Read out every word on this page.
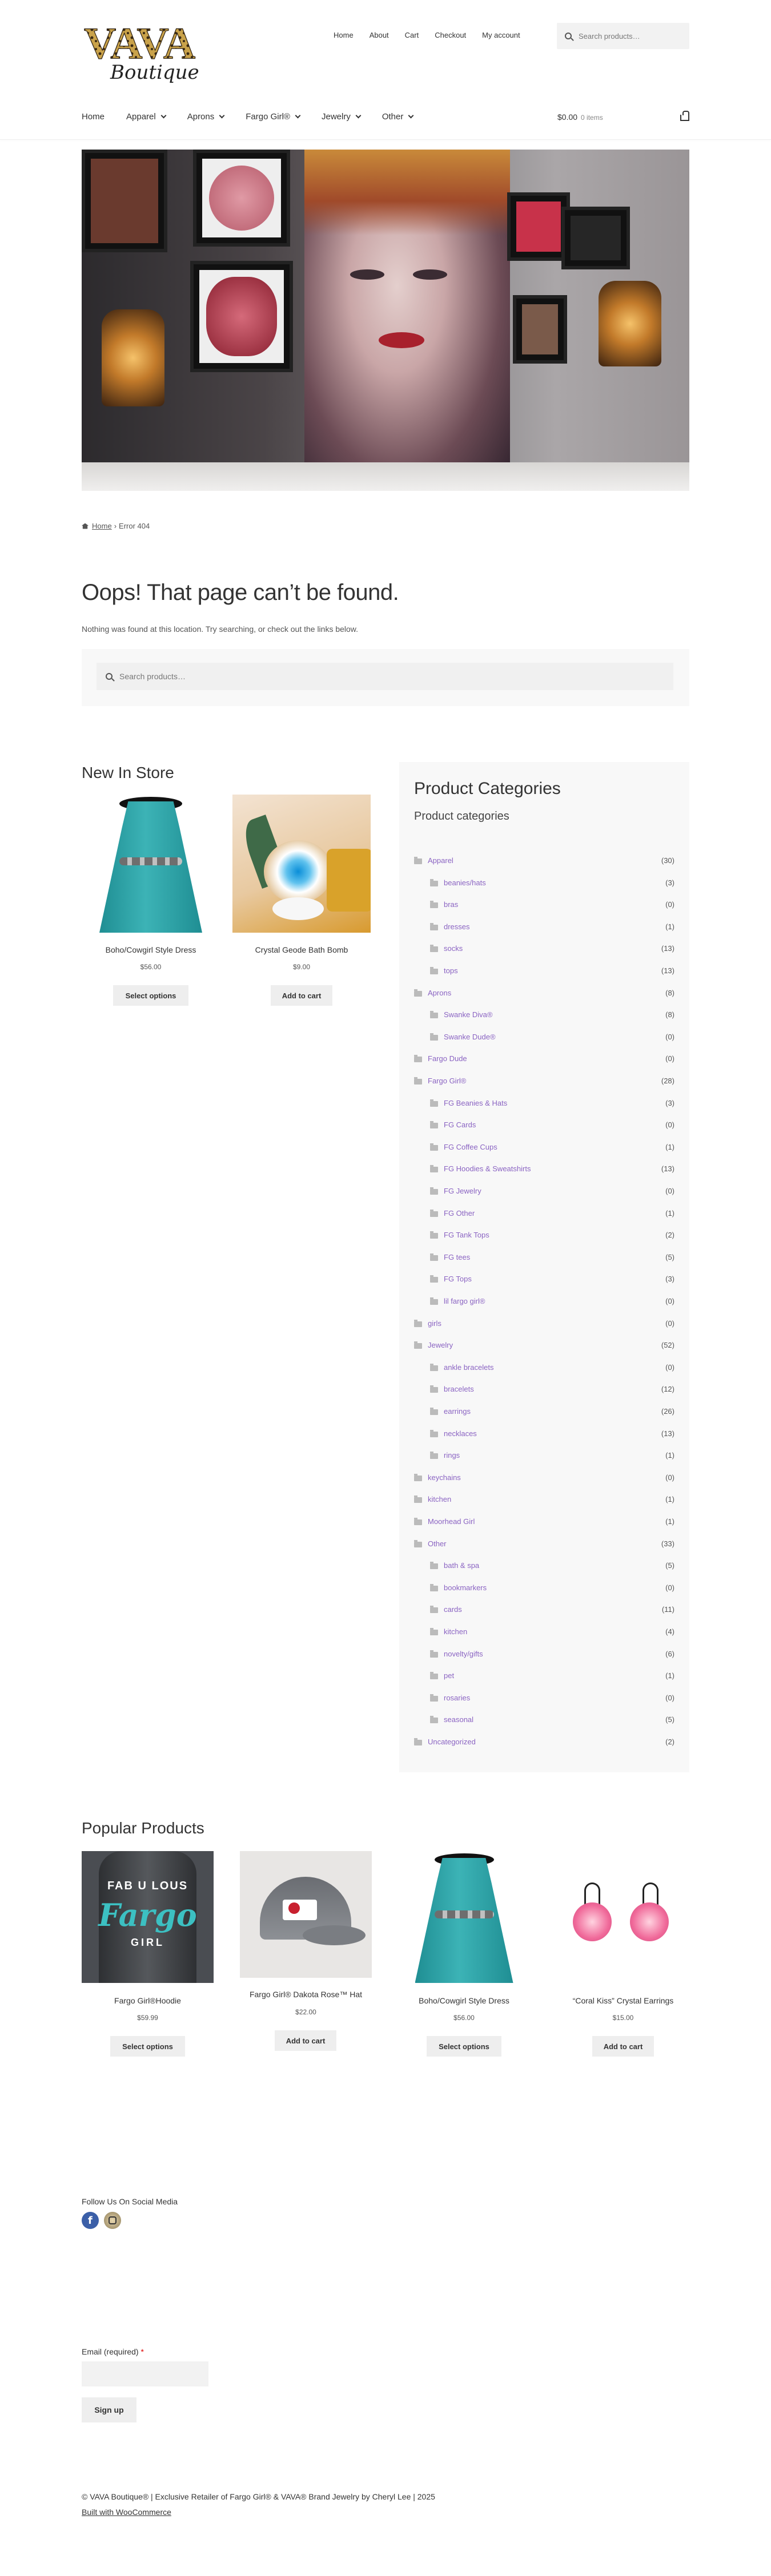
VAVA
Boutique
Home About Cart Checkout My account	Search products…
Home	Apparel	Aprons	Fargo Girl®	Jewelry	Other	$0.00 0 items
Home › Error 404
Oops! That page can’t be found.
Nothing was found at this location. Try searching, or check out the links below.
Search products…
New In Store
Boho/Cowgirl Style Dress
$56.00
Select options
Crystal Geode Bath Bomb
$9.00
Add to cart
Product Categories
Product categories
Apparel	(30)
beanies/hats	(3)
bras	(0)
dresses	(1)
socks	(13)
tops	(13)
Aprons	(8)
Swanke Diva®	(8)
Swanke Dude®	(0)
Fargo Dude	(0)
Fargo Girl®	(28)
FG Beanies & Hats	(3)
FG Cards	(0)
FG Coffee Cups	(1)
FG Hoodies & Sweatshirts	(13)
FG Jewelry	(0)
FG Other	(1)
FG Tank Tops	(2)
FG tees	(5)
FG Tops	(3)
lil fargo girl®	(0)
girls	(0)
Jewelry	(52)
ankle bracelets	(0)
bracelets	(12)
earrings	(26)
necklaces	(13)
rings	(1)
keychains	(0)
kitchen	(1)
Moorhead Girl	(1)
Other	(33)
bath & spa	(5)
bookmarkers	(0)
cards	(11)
kitchen	(4)
novelty/gifts	(6)
pet	(1)
rosaries	(0)
seasonal	(5)
Uncategorized	(2)
Popular Products
FAB U LOUS
Fargo
GIRL
Fargo Girl®Hoodie
$59.99
Select options
Fargo Girl® Dakota Rose™ Hat
$22.00
Add to cart
Boho/Cowgirl Style Dress
$56.00
Select options
“Coral Kiss” Crystal Earrings
$15.00
Add to cart
Follow Us On Social Media
f
Email (required) *
Sign up
© VAVA Boutique® | Exclusive Retailer of Fargo Girl® & VAVA® Brand Jewelry by Cheryl Lee | 2025
Built with WooCommerce
